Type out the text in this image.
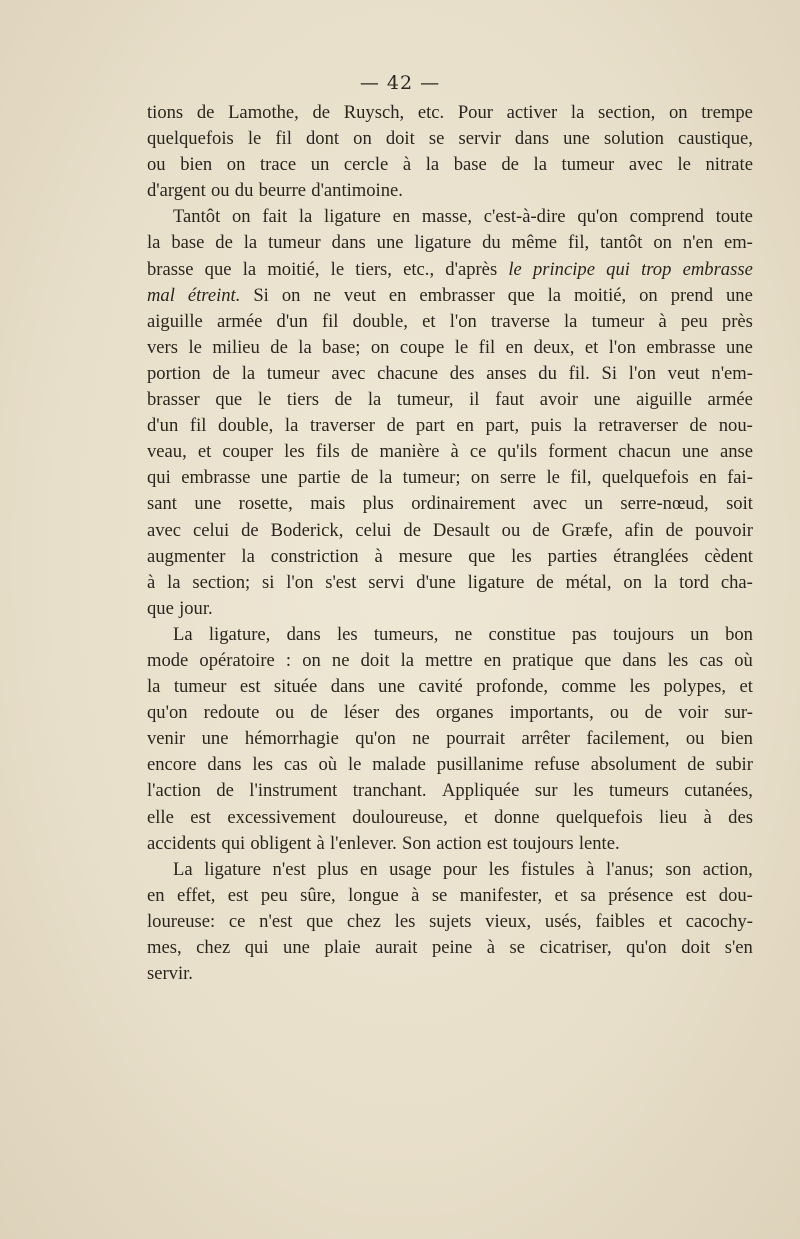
— 42 —
tions de Lamothe, de Ruysch, etc. Pour activer la section, on trempe
quelquefois le fil dont on doit se servir dans une solution caustique,
ou bien on trace un cercle à la base de la tumeur avec le nitrate
d'argent ou du beurre d'antimoine.
Tantôt on fait la ligature en masse, c'est-à-dire qu'on comprend toute
la base de la tumeur dans une ligature du même fil, tantôt on n'en em-
brasse que la moitié, le tiers, etc., d'après le principe qui trop embrasse
mal étreint. Si on ne veut en embrasser que la moitié, on prend une
aiguille armée d'un fil double, et l'on traverse la tumeur à peu près
vers le milieu de la base; on coupe le fil en deux, et l'on embrasse une
portion de la tumeur avec chacune des anses du fil. Si l'on veut n'em-
brasser que le tiers de la tumeur, il faut avoir une aiguille armée
d'un fil double, la traverser de part en part, puis la retraverser de nou-
veau, et couper les fils de manière à ce qu'ils forment chacun une anse
qui embrasse une partie de la tumeur; on serre le fil, quelquefois en fai-
sant une rosette, mais plus ordinairement avec un serre-nœud, soit
avec celui de Boderick, celui de Desault ou de Græfe, afin de pouvoir
augmenter la constriction à mesure que les parties étranglées cèdent
à la section; si l'on s'est servi d'une ligature de métal, on la tord cha-
que jour.
La ligature, dans les tumeurs, ne constitue pas toujours un bon
mode opératoire : on ne doit la mettre en pratique que dans les cas où
la tumeur est située dans une cavité profonde, comme les polypes, et
qu'on redoute ou de léser des organes importants, ou de voir sur-
venir une hémorrhagie qu'on ne pourrait arrêter facilement, ou bien
encore dans les cas où le malade pusillanime refuse absolument de subir
l'action de l'instrument tranchant. Appliquée sur les tumeurs cutanées,
elle est excessivement douloureuse, et donne quelquefois lieu à des
accidents qui obligent à l'enlever. Son action est toujours lente.
La ligature n'est plus en usage pour les fistules à l'anus; son action,
en effet, est peu sûre, longue à se manifester, et sa présence est dou-
loureuse: ce n'est que chez les sujets vieux, usés, faibles et cacochy-
mes, chez qui une plaie aurait peine à se cicatriser, qu'on doit s'en
servir.
